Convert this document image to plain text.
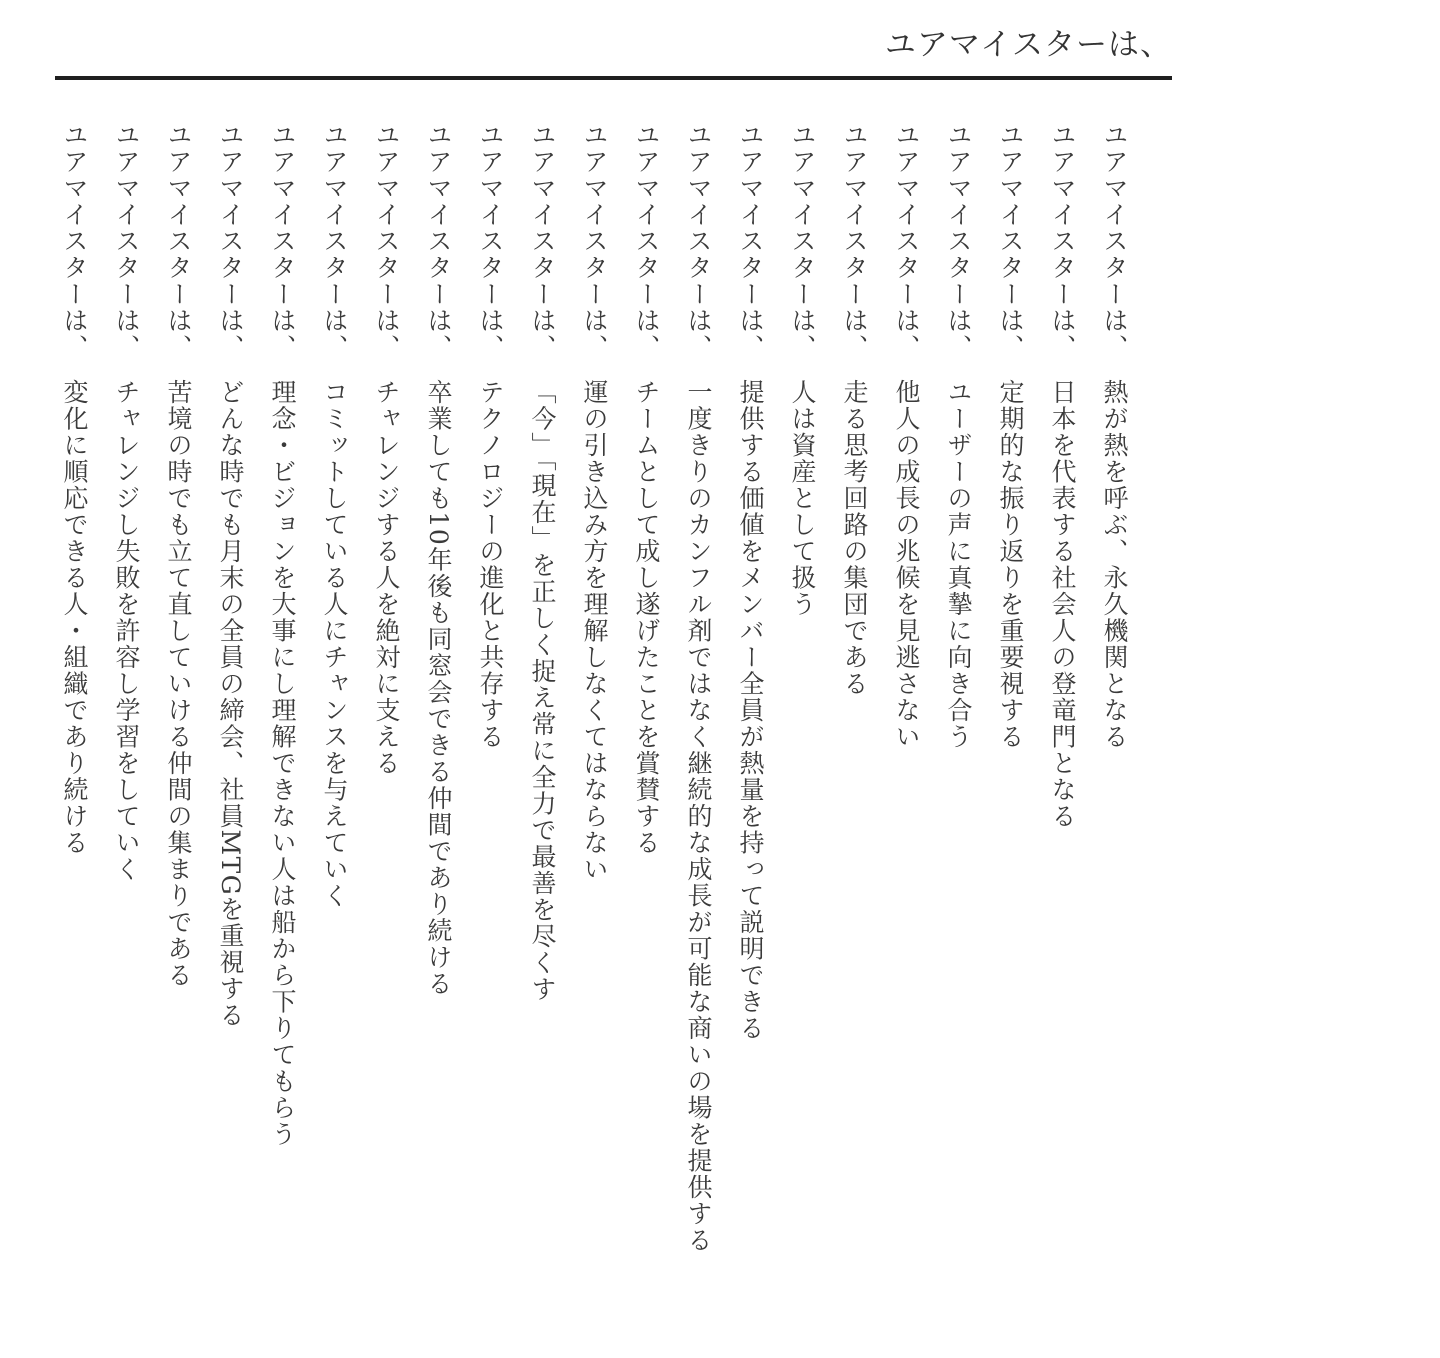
ユアマイスターは、
ユアマイスターは、変化に順応できる人・組織であり続ける
ユアマイスターは、チャレンジし失敗を許容し学習をしていく
ユアマイスターは、苦境の時でも立て直していける仲間の集まりである
ユアマイスターは、どんな時でも月末の全員の締会、社員MTGを重視する
ユアマイスターは、理念・ビジョンを大事にし理解できない人は船から下りてもらう
ユアマイスターは、コミットしている人にチャンスを与えていく
ユアマイスターは、チャレンジする人を絶対に支える
ユアマイスターは、卒業しても10年後も同窓会できる仲間であり続ける
ユアマイスターは、テクノロジーの進化と共存する
ユアマイスターは、「今」「現在」を正しく捉え常に全力で最善を尽くす
ユアマイスターは、運の引き込み方を理解しなくてはならない
ユアマイスターは、チームとして成し遂げたことを賞賛する
ユアマイスターは、一度きりのカンフル剤ではなく継続的な成長が可能な商いの場を提供する
ユアマイスターは、提供する価値をメンバー全員が熱量を持って説明できる
ユアマイスターは、人は資産として扱う
ユアマイスターは、走る思考回路の集団である
ユアマイスターは、他人の成長の兆候を見逃さない
ユアマイスターは、ユーザーの声に真摯に向き合う
ユアマイスターは、定期的な振り返りを重要視する
ユアマイスターは、日本を代表する社会人の登竜門となる
ユアマイスターは、熱が熱を呼ぶ、永久機関となる
